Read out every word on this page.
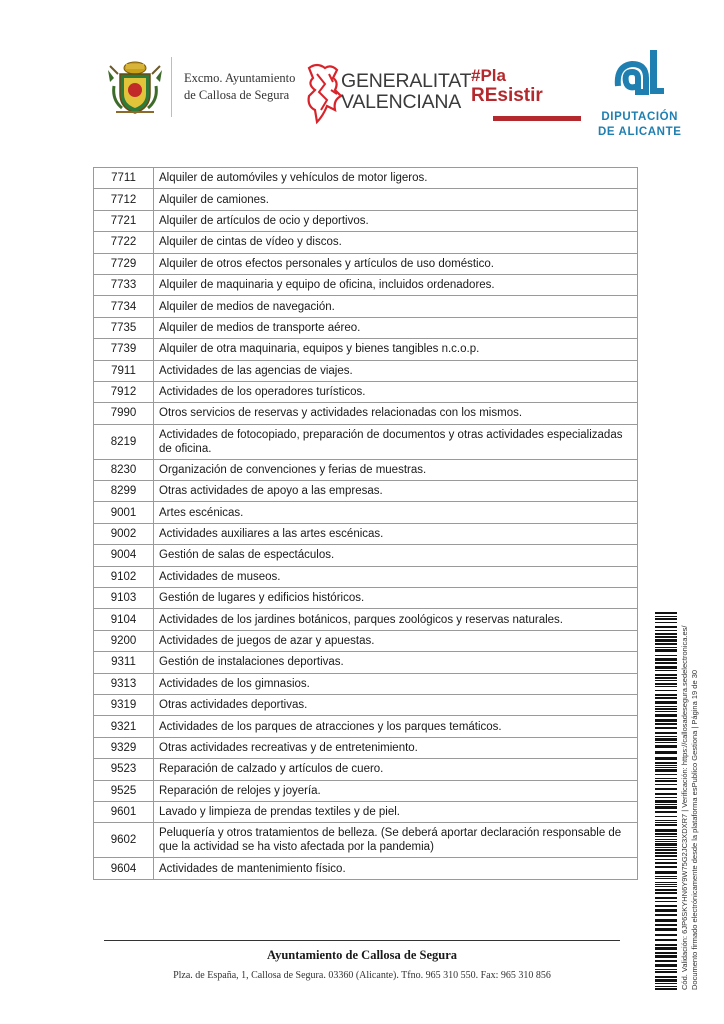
Excmo. Ayuntamiento
de Callosa de Segura
GENERALITAT
VALENCIANA
#Pla
REsistir
DIPUTACIÓN
DE ALICANTE
7711	Alquiler de automóviles y vehículos de motor ligeros.
7712	Alquiler de camiones.
7721	Alquiler de artículos de ocio y deportivos.
7722	Alquiler de cintas de vídeo y discos.
7729	Alquiler de otros efectos personales y artículos de uso doméstico.
7733	Alquiler de maquinaria y equipo de oficina, incluidos ordenadores.
7734	Alquiler de medios de navegación.
7735	Alquiler de medios de transporte aéreo.
7739	Alquiler de otra maquinaria, equipos y bienes tangibles n.c.o.p.
7911	Actividades de las agencias de viajes.
7912	Actividades de los operadores turísticos.
7990	Otros servicios de reservas y actividades relacionadas con los mismos.
8219	Actividades de fotocopiado, preparación de documentos y otras actividades especializadas de oficina.
8230	Organización de convenciones y ferias de muestras.
8299	Otras actividades de apoyo a las empresas.
9001	Artes escénicas.
9002	Actividades auxiliares a las artes escénicas.
9004	Gestión de salas de espectáculos.
9102	Actividades de museos.
9103	Gestión de lugares y edificios históricos.
9104	Actividades de los jardines botánicos, parques zoológicos y reservas naturales.
9200	Actividades de juegos de azar y apuestas.
9311	Gestión de instalaciones deportivas.
9313	Actividades de los gimnasios.
9319	Otras actividades deportivas.
9321	Actividades de los parques de atracciones y los parques temáticos.
9329	Otras actividades recreativas y de entretenimiento.
9523	Reparación de calzado y artículos de cuero.
9525	Reparación de relojes y joyería.
9601	Lavado y limpieza de prendas textiles y de piel.
9602	Peluquería y otros tratamientos de belleza. (Se deberá aportar declaración responsable de que la actividad se ha visto afectada por la pandemia)
9604	Actividades de mantenimiento físico.	Cód. Validación: 6JP6SKYHN6Y9W75G2JC3XDXR7 | Verificación: https://callosadesegura.sedelectronica.es/ Documento firmado electrónicamente desde la plataforma esPublico Gestiona | Página 19 de 30
Ayuntamiento de Callosa de Segura
Plza. de España, 1, Callosa de Segura. 03360 (Alicante). Tfno. 965 310 550. Fax: 965 310 856
